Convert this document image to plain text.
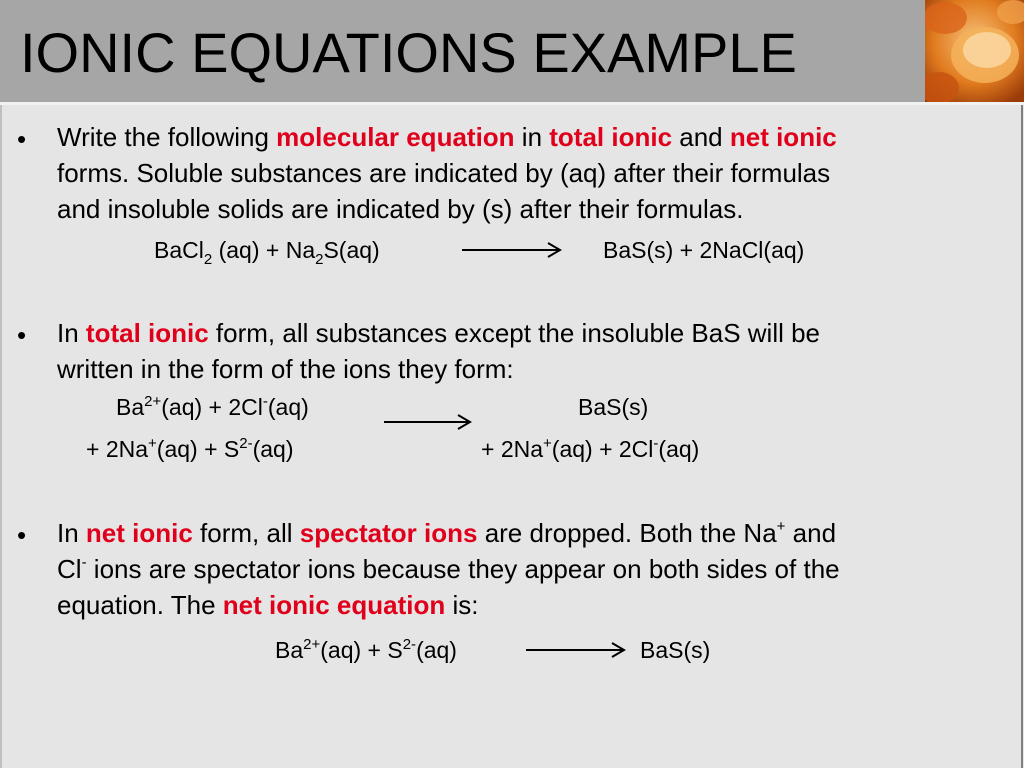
IONIC EQUATIONS EXAMPLE
• Write the following molecular equation in total ionic and net ionic
forms. Soluble substances are indicated by (aq) after their formulas
and insoluble solids are indicated by (s) after their formulas.
BaCl$_2$ $(aq) + Na_2S(aq)$	BaS(s) + 2NaCl(aq)
• In total ionic form, all substances except the insoluble BaS will be
written in the form of the ions they form:
$Ba^{2+}(aq) + 2Cl^-(aq)$	BaS(s)
+ $2Na^+(aq) + S^{2-}(aq)$	+ 2Na+(aq) + 2Cl-(aq)
• In net ionic form, all spectator ions are dropped. Both the Na+ and
Cl- ions are spectator ions because they appear on both sides of the
equation. The net ionic equation is:
$Ba^{2+}(aq) + S^{2-}(aq)$	BaS(s)
